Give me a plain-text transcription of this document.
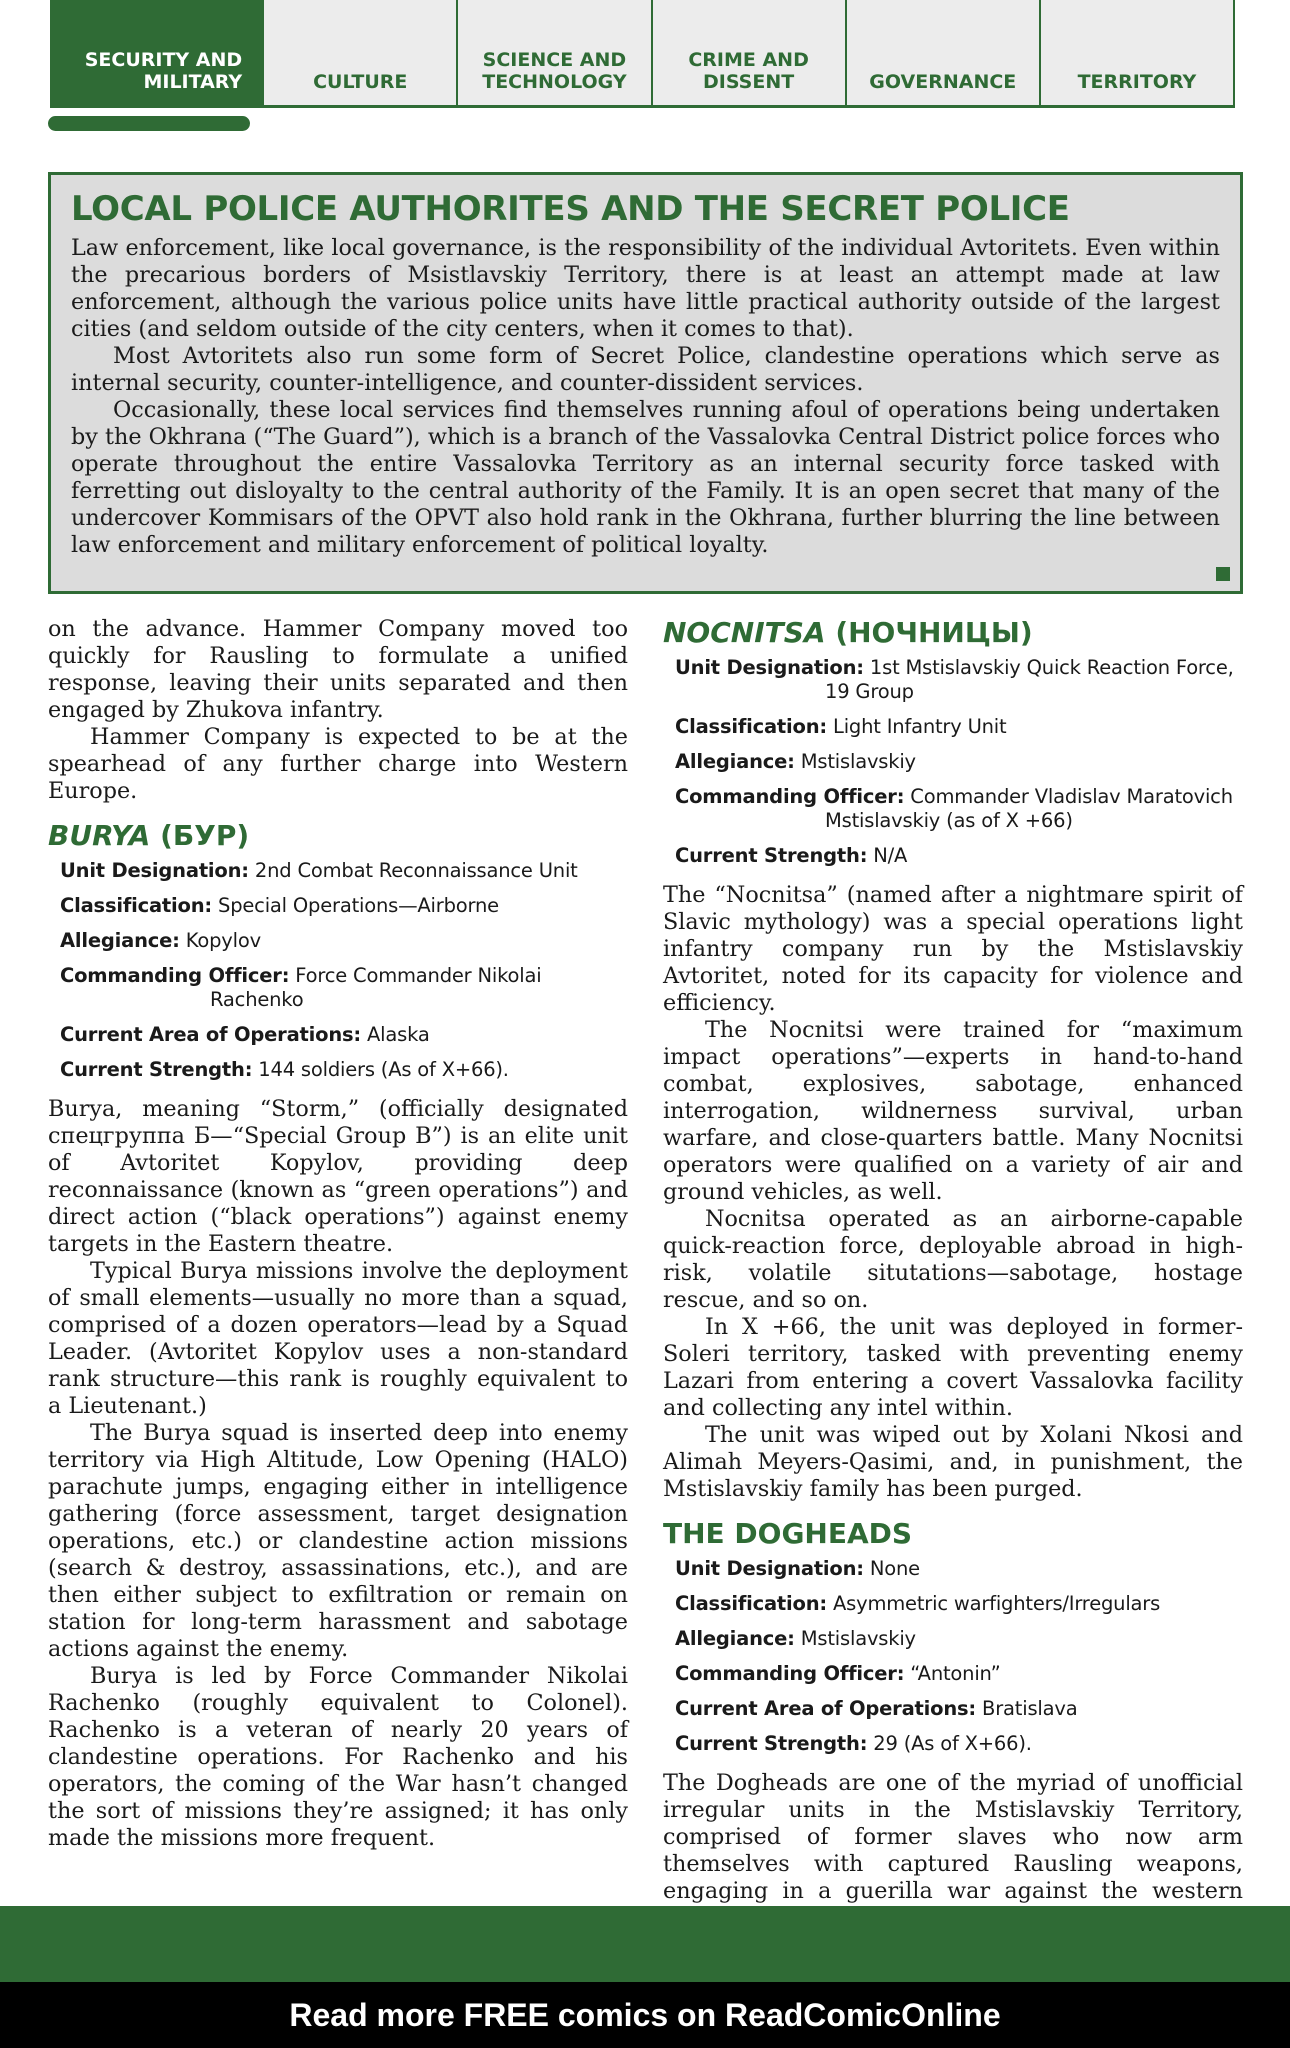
SECURITY AND MILITARY	CULTURE
SCIENCE AND TECHNOLOGY
CRIME AND DISSENT	GOVERNANCE	TERRITORY
LOCAL POLICE AUTHORITES AND THE SECRET POLICE

Law enforcement, like local governance, is the responsibility of the individual Avtoritets. Even within the precarious borders of Msistlavskiy Territory, there is at least an attempt made at law enforcement, although the various police units have little practical authority outside of the largest cities (and seldom outside of the city centers, when it comes to that).

Most Avtoritets also run some form of Secret Police, clandestine operations which serve as internal security, counter-intelligence, and counter-dissident services.

Occasionally, these local services find themselves running afoul of operations being undertaken by the Okhrana (“The Guard”), which is a branch of the Vassalovka Central District police forces who operate throughout the entire Vassalovka Territory as an internal security force tasked with ferretting out disloyalty to the central authority of the Family. It is an open secret that many of the undercover Kommisars of the OPVT also hold rank in the Okhrana, further blurring the line between law enforcement and military enforcement of political loyalty.

on the advance. Hammer Company moved too quickly for Rausling to formulate a unified response, leaving their units separated and then engaged by Zhukova infantry.

Hammer Company is expected to be at the spearhead of any further charge into Western Europe.

BURYA (БУР)
Unit Designation: 2nd Combat Reconnaissance Unit
Classification: Special Operations—Airborne
Allegiance: Kopylov
Commanding Officer: Force Commander Nikolai Rachenko
Current Area of Operations: Alaska
Current Strength: 144 soldiers (As of X+66).

Burya, meaning “Storm,” (officially designated спецгруппа Б—“Special Group B”) is an elite unit of Avtoritet Kopylov, providing deep reconnaissance (known as “green operations”) and direct action (“black operations”) against enemy targets in the Eastern theatre.

Typical Burya missions involve the deployment of small elements—usually no more than a squad, comprised of a dozen operators—lead by a Squad Leader. (Avtoritet Kopylov uses a non-standard rank structure—this rank is roughly equivalent to a Lieutenant.)

The Burya squad is inserted deep into enemy territory via High Altitude, Low Opening (HALO) parachute jumps, engaging either in intelligence gathering (force assessment, target designation operations, etc.) or clandestine action missions (search & destroy, assassinations, etc.), and are then either subject to exfiltration or remain on station for long-term harassment and sabotage actions against the enemy.

Burya is led by Force Commander Nikolai Rachenko (roughly equivalent to Colonel). Rachenko is a veteran of nearly 20 years of clandestine operations. For Rachenko and his operators, the coming of the War hasn’t changed the sort of missions they’re assigned; it has only made the missions more frequent.

NOCNITSA (НОЧНИЦЫ)
Unit Designation: 1st Mstislavskiy Quick Reaction Force, 19 Group
Classification: Light Infantry Unit
Allegiance: Mstislavskiy
Commanding Officer: Commander Vladislav Maratovich Mstislavskiy (as of X +66)
Current Strength: N/A

The “Nocnitsa” (named after a nightmare spirit of Slavic mythology) was a special operations light infantry company run by the Mstislavskiy Avtoritet, noted for its capacity for violence and efficiency.

The Nocnitsi were trained for “maximum impact operations”—experts in hand-to-hand combat, explosives, sabotage, enhanced interrogation, wildnerness survival, urban warfare, and close-quarters battle. Many Nocnitsi operators were qualified on a variety of air and ground vehicles, as well.

Nocnitsa operated as an airborne-capable quick-reaction force, deployable abroad in high-risk, volatile situtations—sabotage, hostage rescue, and so on.

In X +66, the unit was deployed in former-Soleri territory, tasked with preventing enemy Lazari from entering a covert Vassalovka facility and collecting any intel within.

The unit was wiped out by Xolani Nkosi and Alimah Meyers-Qasimi, and, in punishment, the Mstislavskiy family has been purged.

THE DOGHEADS
Unit Designation: None
Classification: Asymmetric warfighters/Irregulars
Allegiance: Mstislavskiy
Commanding Officer: “Antonin”
Current Area of Operations: Bratislava
Current Strength: 29 (As of X+66).

The Dogheads are one of the myriad of unofficial irregular units in the Mstislavskiy Territory, comprised of former slaves who now arm themselves with captured Rausling weapons, engaging in a guerilla war against the western

Read more FREE comics on ReadComicOnline
